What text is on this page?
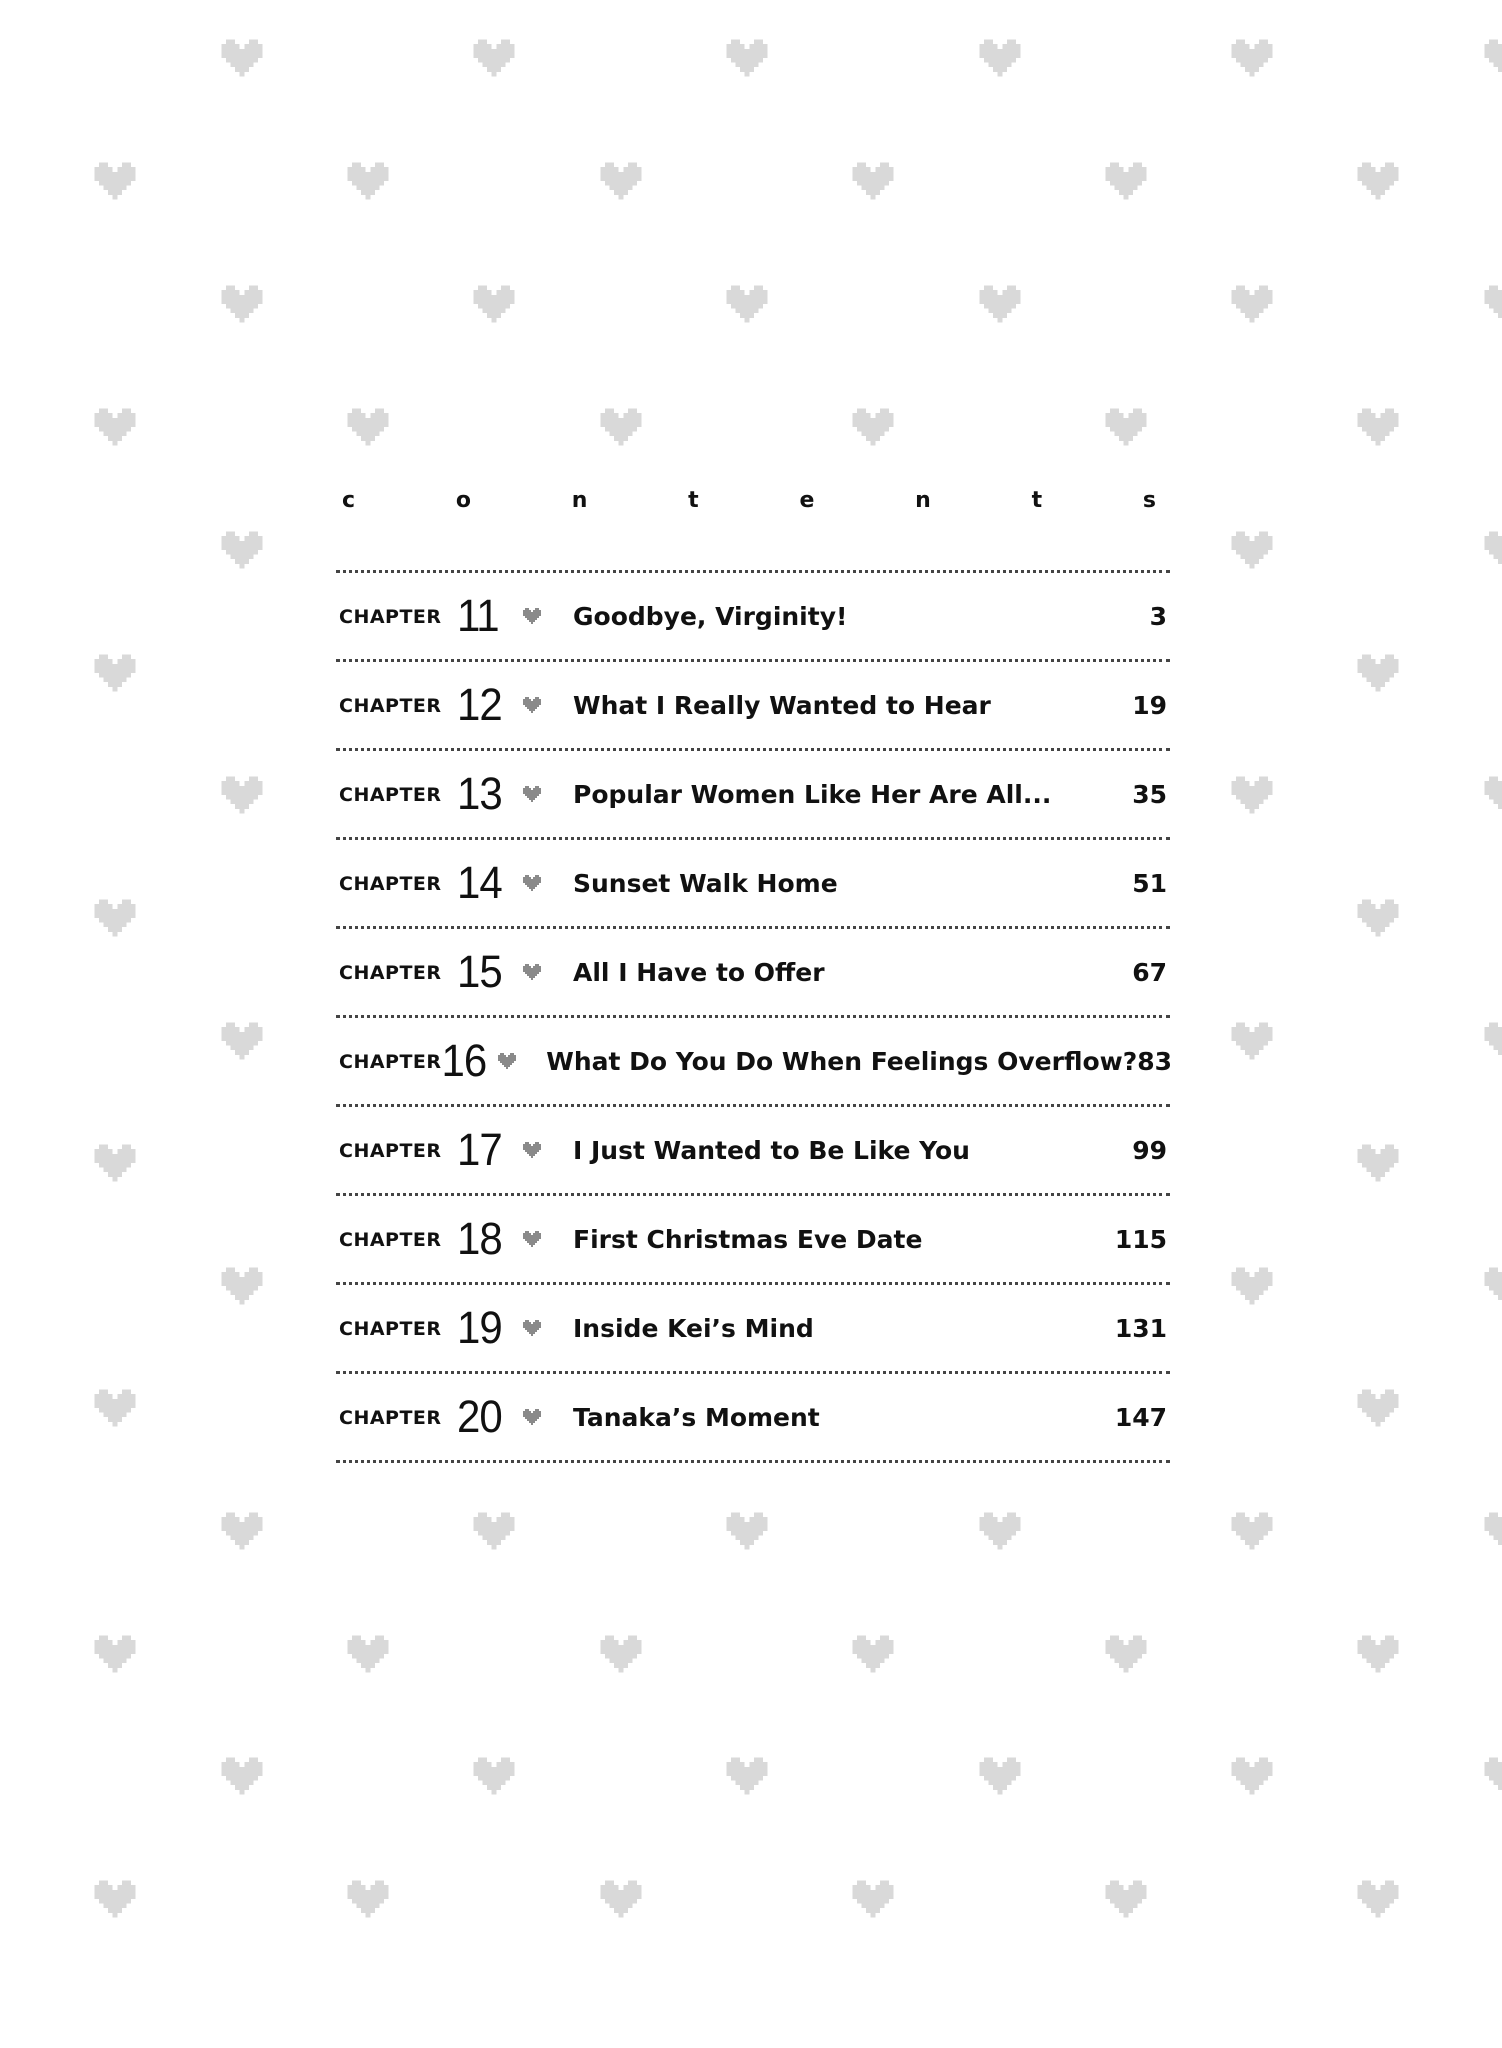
c	o	n	t	e	n	t	s
CHAPTER 11	Goodbye, Virginity!	3
CHAPTER 12	What I Really Wanted to Hear	19
CHAPTER 13	Popular Women Like Her Are All...	35
CHAPTER 14	Sunset Walk Home	51
CHAPTER 15	All I Have to Offer	67
CHAPTER 16 What Do You Do When Feelings Overflow? 83
CHAPTER 17	I Just Wanted to Be Like You	99
CHAPTER 18	First Christmas Eve Date	115
CHAPTER 19	Inside Kei’s Mind	131
CHAPTER 20	Tanaka’s Moment	147
